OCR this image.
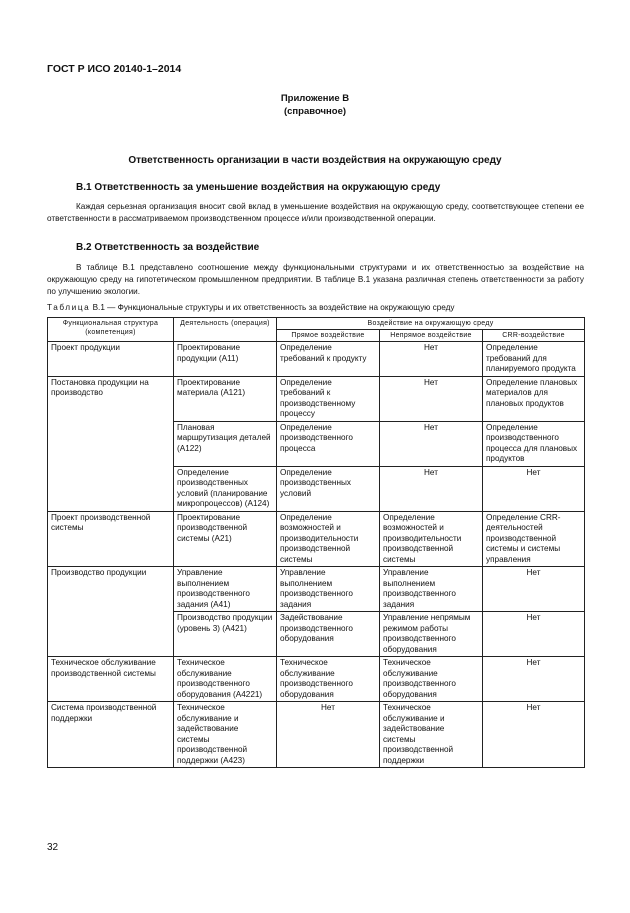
ГОСТ Р ИСО 20140-1–2014
Приложение В
(справочное)
Ответственность организации в части воздействия на окружающую среду
В.1 Ответственность за уменьшение воздействия на окружающую среду
Каждая серьезная организация вносит свой вклад в уменьшение воздействия на окружающую среду, соответствующее степени ее ответственности в рассматриваемом производственном процессе и/или производственной операции.
В.2 Ответственность за воздействие
В таблице В.1 представлено соотношение между функциональными структурами и их ответственностью за воздействие на окружающую среду на гипотетическом промышленном предприятии. В таблице В.1 указана различная степень ответственности за работу по улучшению экологии.
Таблица В.1 — Функциональные структуры и их ответственность за воздействие на окружающую среду
Функциональная структура (компетенция)	Деятельность (операция)	Воздействие на окружающую среду		
		Прямое воздействие	Непрямое воздействие	CRR-воздействие
Проект продукции	Проектирование продукции (А11)	Определение требований к продукту	Нет	Определение требований для планируемого продукта
Постановка продукции на производство	Проектирование материала (А121)	Определение требований к производственному процессу	Нет	Определение плановых материалов для плановых продуктов
	Плановая маршрутизация деталей (А122)	Определение производственного процесса	Нет	Определение производственного процесса для плановых продуктов
	Определение производственных условий (планирование микропроцессов) (А124)	Определение производственных условий	Нет	Нет
Проект производственной системы	Проектирование производственной системы (А21)	Определение возможностей и производительности производственной системы	Определение возможностей и производительности производственной системы	Определение CRR-деятельностей производственной системы и системы управления
Производство продукции	Управление выполнением производственного задания (А41)	Управление выполнением производственного задания	Управление выполнением производственного задания	Нет
	Производство продукции (уровень 3) (А421)	Задействование производственного оборудования	Управление непрямым режимом работы производственного оборудования	Нет
Техническое обслуживание производственной системы	Техническое обслуживание производственного оборудования (А4221)	Техническое обслуживание производственного оборудования	Техническое обслуживание производственного оборудования	Нет
Система производственной поддержки	Техническое обслуживание и задействование системы производственной поддержки (А423)	Нет	Техническое обслуживание и задействование системы производственной поддержки	Нет
32
